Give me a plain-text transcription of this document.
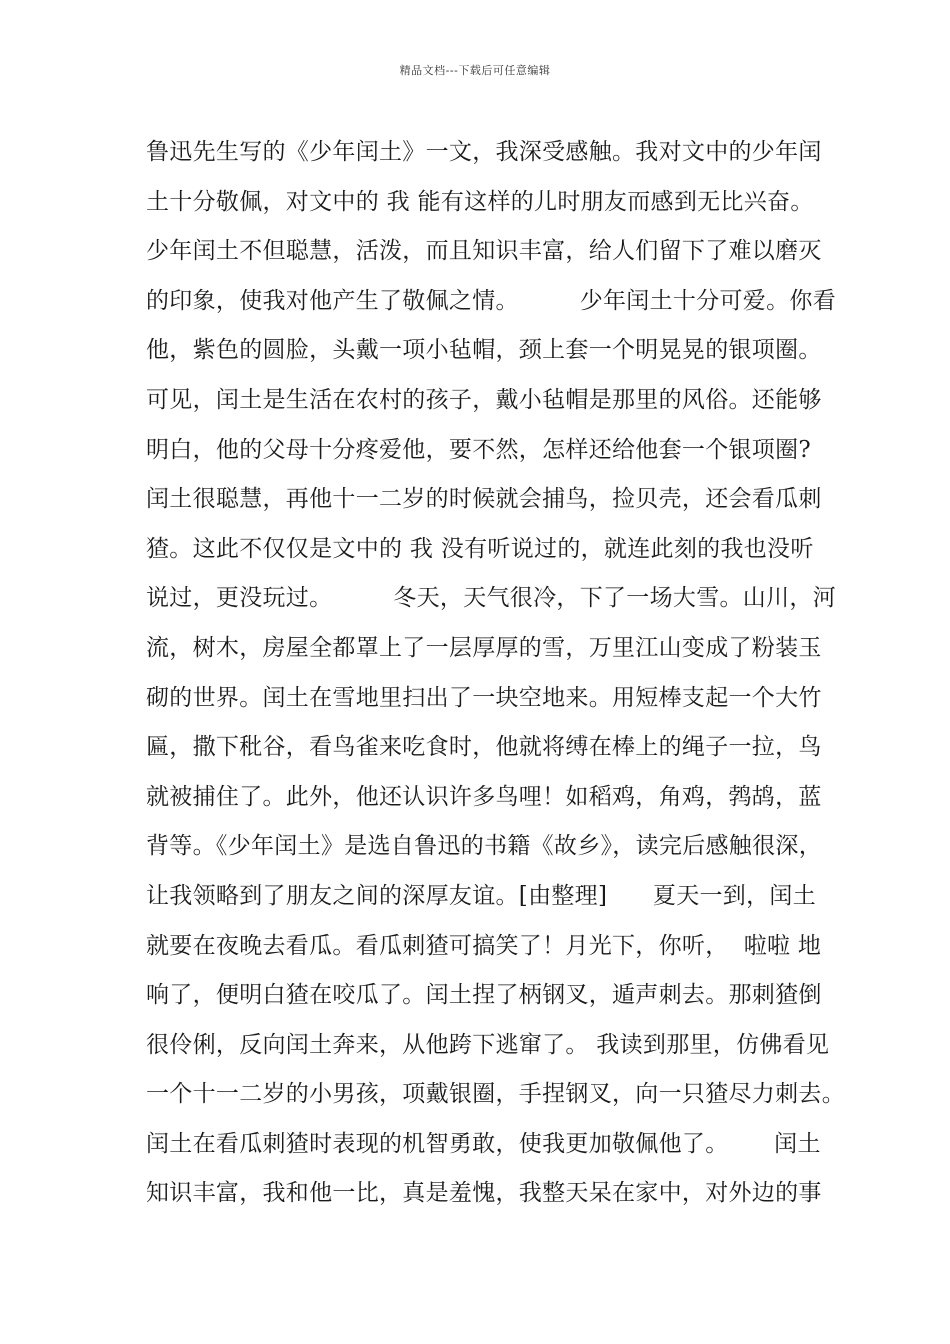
精品文档---下载后可任意编辑
鲁迅先生写的《少年闰土》一文，我深受感触。我对文中的少年闰
土十分敬佩，对文中的 我 能有这样的儿时朋友而感到无比兴奋。
少年闰土不但聪慧，活泼，而且知识丰富，给人们留下了难以磨灭
的印象，使我对他产生了敬佩之情。        少年闰土十分可爱。你看
他，紫色的圆脸，头戴一项小毡帽，颈上套一个明晃晃的银项圈。
可见，闰土是生活在农村的孩子，戴小毡帽是那里的风俗。还能够
明白，他的父母十分疼爱他，要不然，怎样还给他套一个银项圈?
闰土很聪慧，再他十一二岁的时候就会捕鸟，捡贝壳，还会看瓜刺
猹。这此不仅仅是文中的 我 没有听说过的，就连此刻的我也没听
说过，更没玩过。        冬天，天气很冷，下了一场大雪。山川，河
流，树木，房屋全都罩上了一层厚厚的雪，万里江山变成了粉装玉
砌的世界。闰土在雪地里扫出了一块空地来。用短棒支起一个大竹
匾，撒下秕谷，看鸟雀来吃食时，他就将缚在棒上的绳子一拉，鸟
就被捕住了。此外，他还认识许多鸟哩！如稻鸡，角鸡，鹁鸪，蓝
背等。《少年闰土》是选自鲁迅的书籍《故乡》，读完后感触很深，
让我领略到了朋友之间的深厚友谊。[由整理]      夏天一到，闰土
就要在夜晚去看瓜。看瓜刺猹可搞笑了！月光下，你听，  啦啦 地
响了，便明白猹在咬瓜了。闰土捏了柄钢叉，遁声刺去。那刺猹倒
很伶俐，反向闰土奔来，从他跨下逃窜了。 我读到那里，仿佛看见
一个十一二岁的小男孩，项戴银圈，手捏钢叉，向一只猹尽力刺去。
闰土在看瓜刺猹时表现的机智勇敢，使我更加敬佩他了。      闰土
知识丰富，我和他一比，真是羞愧，我整天呆在家中，对外边的事
